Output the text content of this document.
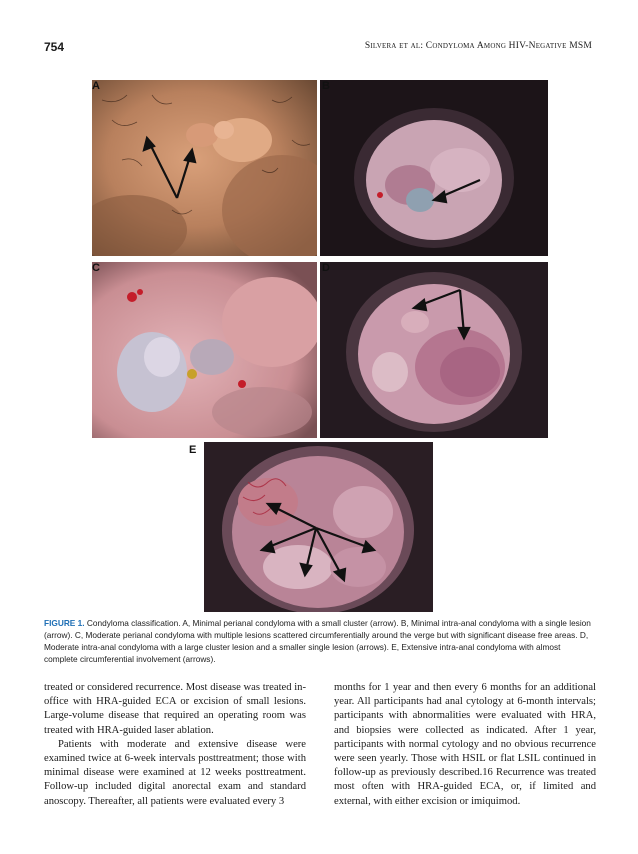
754	Silvera et al: Condyloma Among HIV-Negative MSM
A	B
C	D
E
FIGURE 1. Condyloma classification. A, Minimal perianal condyloma with a small cluster (arrow). B, Minimal intra-anal condyloma with a single lesion (arrow). C, Moderate perianal condyloma with multiple lesions scattered circumferentially around the verge but with significant disease free areas. D, Moderate intra-anal condyloma with a large cluster lesion and a smaller single lesion (arrows). E, Extensive intra-anal condyloma with almost complete circumferential involvement (arrows).

treated or considered recurrence. Most disease was treated in-office with HRA-guided ECA or excision of small lesions. Large-volume disease that required an operating room was treated with HRA-guided laser ablation.

Patients with moderate and extensive disease were examined twice at 6-week intervals posttreatment; those with minimal disease were examined at 12 weeks posttreatment. Follow-up included digital anorectal exam and standard anoscopy. Thereafter, all patients were evaluated every 3

months for 1 year and then every 6 months for an additional year. All participants had anal cytology at 6-month intervals; participants with abnormalities were evaluated with HRA, and biopsies were collected as indicated. After 1 year, participants with normal cytology and no obvious recurrence were seen yearly. Those with HSIL or flat LSIL continued in follow-up as previously described.16 Recurrence was treated most often with HRA-guided ECA, or, if limited and external, with either excision or imiquimod.
